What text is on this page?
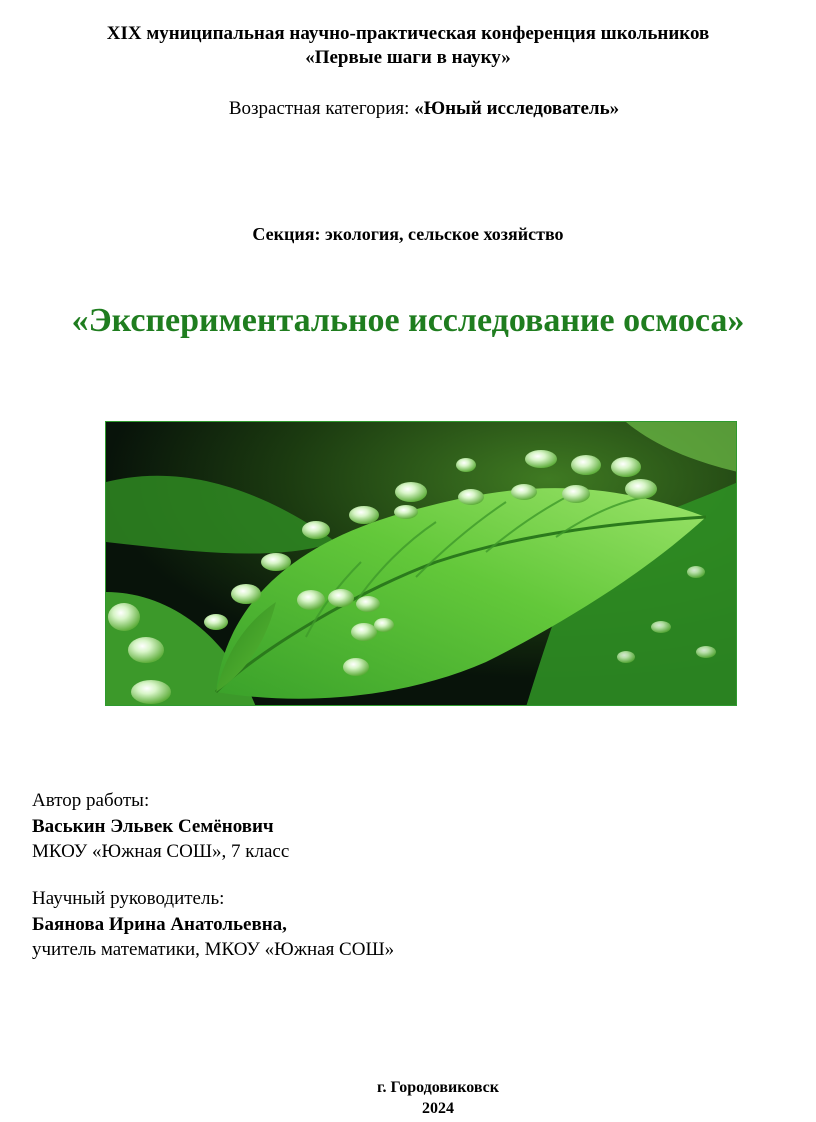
XIX муниципальная научно-практическая конференция школьников
«Первые шаги в науку»
Возрастная категория: «Юный исследователь»
Секция: экология, сельское хозяйство
«Экспериментальное исследование осмоса»
Автор работы:
Васькин Эльвек Семёнович
МКОУ «Южная СОШ», 7 класс
Научный руководитель:
Баянова Ирина Анатольевна,
учитель математики, МКОУ «Южная СОШ»
г. Городовиковск
2024
